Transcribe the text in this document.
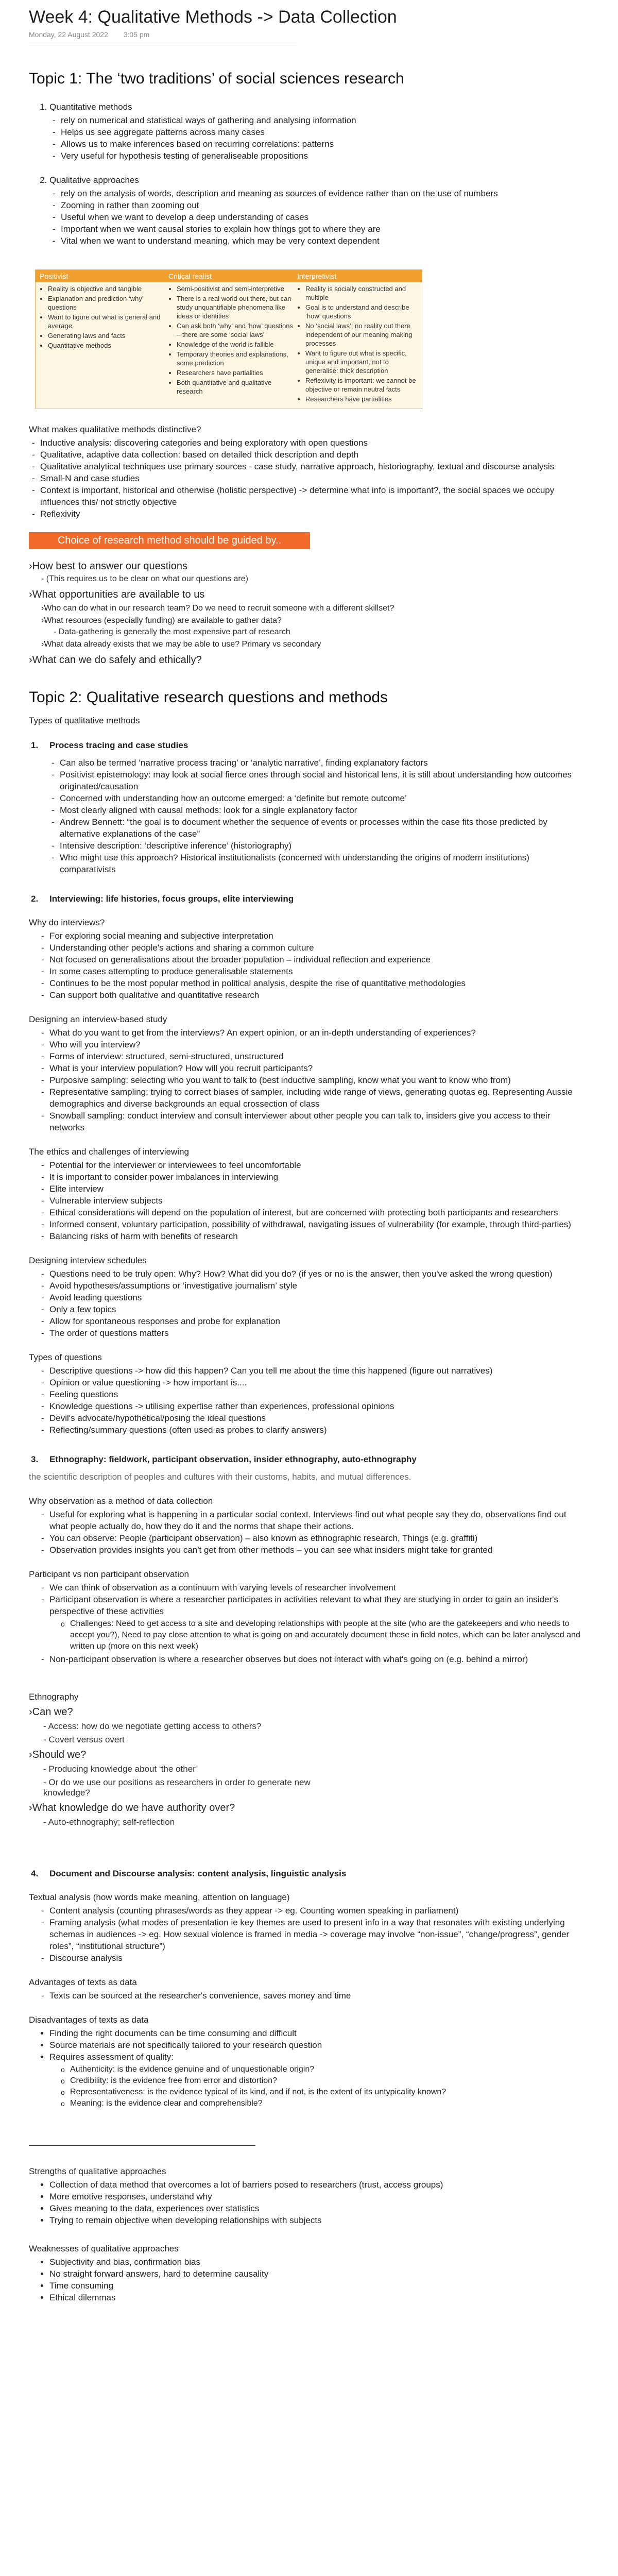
Week 4: Qualitative Methods -> Data Collection
Monday, 22 August 2022 3:05 pm
Topic 1: The ‘two traditions’ of social sciences research
1. Quantitative methods
- rely on numerical and statistical ways of gathering and analysing information
- Helps us see aggregate patterns across many cases
- Allows us to make inferences based on recurring correlations: patterns
- Very useful for hypothesis testing of generaliseable propositions
2. Qualitative approaches
- rely on the analysis of words, description and meaning as sources of evidence rather than on the use of numbers
- Zooming in rather than zooming out
- Useful when we want to develop a deep understanding of cases
- Important when we want causal stories to explain how things got to where they are
- Vital when we want to understand meaning, which may be very context dependent
Positivist	Critical realist	Interpretivist
• Reality is objective and tangible
• Explanation and prediction ‘why’ questions
• Want to figure out what is general and average
• Generating laws and facts
• Quantitative methods
• Semi-positivist and semi-interpretive
• There is a real world out there, but can study unquantifiable phenomena like ideas or identities
• Can ask both ‘why’ and ‘how’ questions – there are some ‘social laws’
• Knowledge of the world is fallible
• Temporary theories and explanations, some prediction
• Researchers have partialities
• Both quantitative and qualitative research
• Reality is socially constructed and multiple
• Goal is to understand and describe ‘how’ questions
• No ‘social laws’; no reality out there independent of our meaning making processes
• Want to figure out what is specific, unique and important, not to generalise: thick description
• Reflexivity is important: we cannot be objective or remain neutral facts
• Researchers have partialities
What makes qualitative methods distinctive?
- Inductive analysis: discovering categories and being exploratory with open questions
- Qualitative, adaptive data collection: based on detailed thick description and depth
- Qualitative analytical techniques use primary sources - case study, narrative approach, historiography, textual and discourse analysis
- Small-N and case studies
- Context is important, historical and otherwise (holistic perspective) -> determine what info is important?, the social spaces we occupy influences this/ not strictly objective
- Reflexivity
Choice of research method should be guided by..
› How best to answer our questions
- (This requires us to be clear on what our questions are)
› What opportunities are available to us
› Who can do what in our research team? Do we need to recruit someone with a different skillset?
› What resources (especially funding) are available to gather data?
- Data-gathering is generally the most expensive part of research
› What data already exists that we may be able to use? Primary vs secondary
› What can we do safely and ethically?
Topic 2: Qualitative research questions and methods
Types of qualitative methods
1. Process tracing and case studies
- Can also be termed ‘narrative process tracing’ or ‘analytic narrative’, finding explanatory factors
- Positivist epistemology: may look at social fierce ones through social and historical lens, it is still about understanding how outcomes originated/causation
- Concerned with understanding how an outcome emerged: a ‘definite but remote outcome’
- Most clearly aligned with causal methods: look for a single explanatory factor
- Andrew Bennett: “the goal is to document whether the sequence of events or processes within the case fits those predicted by alternative explanations of the case”
- Intensive description: ‘descriptive inference’ (historiography)
- Who might use this approach? Historical institutionalists (concerned with understanding the origins of modern institutions) comparativists
2. Interviewing: life histories, focus groups, elite interviewing
Why do interviews?
- For exploring social meaning and subjective interpretation
- Understanding other people's actions and sharing a common culture
- Not focused on generalisations about the broader population – individual reflection and experience
- In some cases attempting to produce generalisable statements
- Continues to be the most popular method in political analysis, despite the rise of quantitative methodologies
- Can support both qualitative and quantitative research
Designing an interview-based study
- What do you want to get from the interviews? An expert opinion, or an in-depth understanding of experiences?
- Who will you interview?
- Forms of interview: structured, semi-structured, unstructured
- What is your interview population? How will you recruit participants?
- Purposive sampling: selecting who you want to talk to (best inductive sampling, know what you want to know who from)
- Representative sampling: trying to correct biases of sampler, including wide range of views, generating quotas eg. Representing Aussie demographics and diverse backgrounds an equal crossection of class
- Snowball sampling: conduct interview and consult interviewer about other people you can talk to, insiders give you access to their networks
The ethics and challenges of interviewing
- Potential for the interviewer or interviewees to feel uncomfortable
- It is important to consider power imbalances in interviewing
- Elite interview
- Vulnerable interview subjects
- Ethical considerations will depend on the population of interest, but are concerned with protecting both participants and researchers
- Informed consent, voluntary participation, possibility of withdrawal, navigating issues of vulnerability (for example, through third-parties)
- Balancing risks of harm with benefits of research
Designing interview schedules
- Questions need to be truly open: Why? How? What did you do? (if yes or no is the answer, then you've asked the wrong question)
- Avoid hypotheses/assumptions or ‘investigative journalism’ style
- Avoid leading questions
- Only a few topics
- Allow for spontaneous responses and probe for explanation
- The order of questions matters
Types of questions
- Descriptive questions -> how did this happen? Can you tell me about the time this happened (figure out narratives)
- Opinion or value questioning -> how important is....
- Feeling questions
- Knowledge questions -> utilising expertise rather than experiences, professional opinions
- Devil's advocate/hypothetical/posing the ideal questions
- Reflecting/summary questions (often used as probes to clarify answers)
3. Ethnography: fieldwork, participant observation, insider ethnography, auto-ethnography
the scientific description of peoples and cultures with their customs, habits, and mutual differences.
Why observation as a method of data collection
- Useful for exploring what is happening in a particular social context. Interviews find out what people say they do, observations find out what people actually do, how they do it and the norms that shape their actions.
- You can observe: People (participant observation) – also known as ethnographic research, Things (e.g. graffiti)
- Observation provides insights you can't get from other methods – you can see what insiders might take for granted
Participant vs non participant observation
- We can think of observation as a continuum with varying levels of researcher involvement
- Participant observation is where a researcher participates in activities relevant to what they are studying in order to gain an insider's perspective of these activities
o Challenges: Need to get access to a site and developing relationships with people at the site (who are the gatekeepers and who needs to accept you?), Need to pay close attention to what is going on and accurately document these in field notes, which can be later analysed and written up (more on this next week)
- Non-participant observation is where a researcher observes but does not interact with what's going on (e.g. behind a mirror)
Ethnography
› Can we?
- Access: how do we negotiate getting access to others?
- Covert versus overt
› Should we?
- Producing knowledge about ‘the other’
- Or do we use our positions as researchers in order to generate new knowledge?
› What knowledge do we have authority over?
- Auto-ethnography; self-reflection
4. Document and Discourse analysis: content analysis, linguistic analysis
Textual analysis (how words make meaning, attention on language)
- Content analysis (counting phrases/words as they appear -> eg. Counting women speaking in parliament)
- Framing analysis (what modes of presentation ie key themes are used to present info in a way that resonates with existing underlying schemas in audiences -> eg. How sexual violence is framed in media -> coverage may involve “non-issue”, “change/progress”, gender roles”, “institutional structure”)
- Discourse analysis
Advantages of texts as data
- Texts can be sourced at the researcher's convenience, saves money and time
Disadvantages of texts as data
• Finding the right documents can be time consuming and difficult
• Source materials are not specifically tailored to your research question
• Requires assessment of quality:
o Authenticity: is the evidence genuine and of unquestionable origin?
o Credibility: is the evidence free from error and distortion?
o Representativeness: is the evidence typical of its kind, and if not, is the extent of its untypicality known?
o Meaning: is the evidence clear and comprehensible?
Strengths of qualitative approaches
• Collection of data method that overcomes a lot of barriers posed to researchers (trust, access groups)
• More emotive responses, understand why
• Gives meaning to the data, experiences over statistics
• Trying to remain objective when developing relationships with subjects
Weaknesses of qualitative approaches
• Subjectivity and bias, confirmation bias
• No straight forward answers, hard to determine causality
• Time consuming
• Ethical dilemmas
